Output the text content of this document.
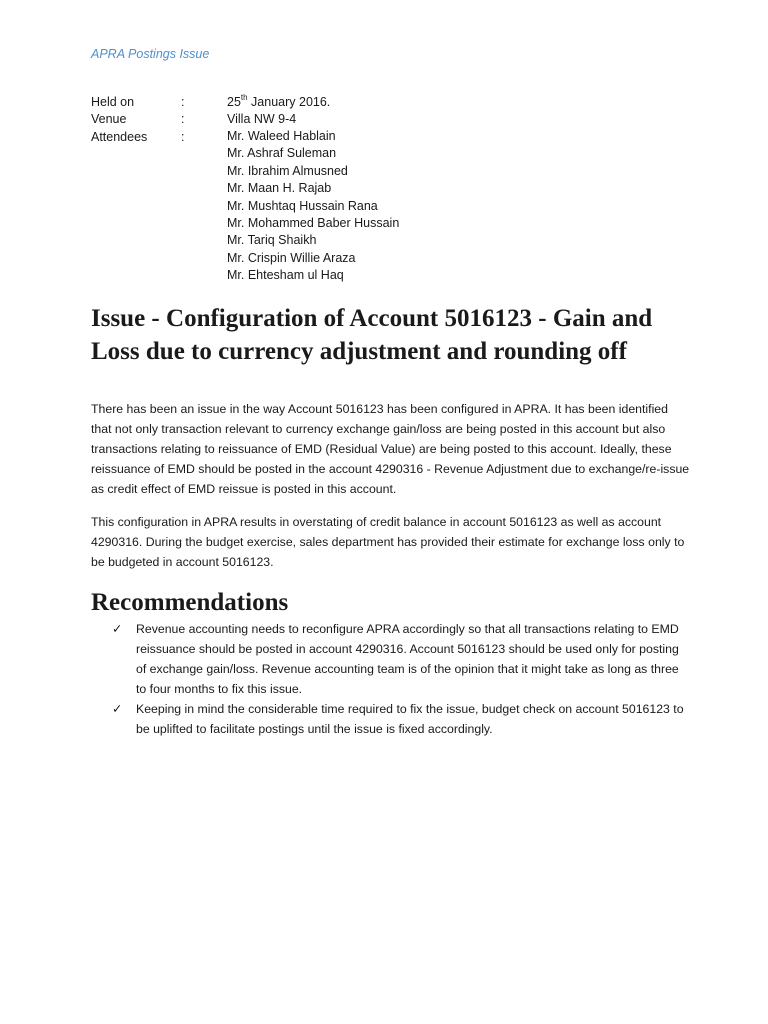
APRA Postings Issue
Held on	:	25th January 2016.
Venue	:	Villa NW 9-4
Attendees	:	Mr. Waleed Hablain
Mr. Ashraf Suleman
Mr. Ibrahim Almusned
Mr. Maan H. Rajab
Mr. Mushtaq Hussain Rana
Mr. Mohammed Baber Hussain
Mr. Tariq Shaikh
Mr. Crispin Willie Araza
Mr. Ehtesham ul Haq
Issue - Configuration of Account 5016123 - Gain and Loss due to currency adjustment and rounding off

There has been an issue in the way Account 5016123 has been configured in APRA. It has been identified that not only transaction relevant to currency exchange gain/loss are being posted in this account but also transactions relating to reissuance of EMD (Residual Value) are being posted to this account. Ideally, these reissuance of EMD should be posted in the account 4290316 - Revenue Adjustment due to exchange/re-issue as credit effect of EMD reissue is posted in this account.

This configuration in APRA results in overstating of credit balance in account 5016123 as well as account 4290316. During the budget exercise, sales department has provided their estimate for exchange loss only to be budgeted in account 5016123.

Recommendations
✓	Revenue accounting needs to reconfigure APRA accordingly so that all transactions relating to EMD reissuance should be posted in account 4290316. Account 5016123 should be used only for posting of exchange gain/loss. Revenue accounting team is of the opinion that it might take as long as three to four months to fix this issue.
✓	Keeping in mind the considerable time required to fix the issue, budget check on account 5016123 to be uplifted to facilitate postings until the issue is fixed accordingly.
